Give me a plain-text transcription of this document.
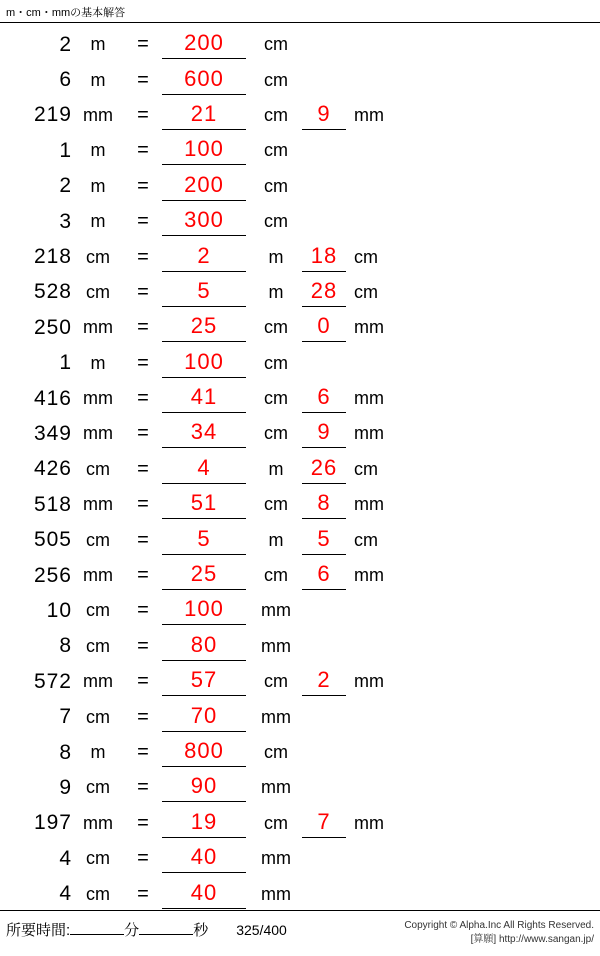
m・cm・mmの基本解答
2	m	=	200	cm
6	m	=	600	cm
219 mm	=	21	cm	9	mm
1	m	=	100	cm
2	m	=	200	cm
3	m	=	300	cm
218 cm	=	2	m	18 cm
528 cm	=	5	m	28 cm
250 mm	=	25	cm	0	mm
1	m	=	100	cm
416 mm	=	41	cm	6	mm
349 mm	=	34	cm	9	mm
426 cm	=	4	m	26 cm
518 mm	=	51	cm	8	mm
505 cm	=	5	m	5	cm
256 mm	=	25	cm	6	mm
10 cm	=	100	mm
8 cm	=	80	mm
572 mm	=	57	cm	2	mm
7 cm	=	70	mm
8	m	=	800	cm
9 cm	=	90	mm
197 mm	=	19	cm	7	mm
4 cm	=	40	mm
4 cm	=	40	mm
所要時間:	分	秒	325/400	Copyright © Alpha.Inc All Rights Reserved.
[算願] http://www.sangan.jp/
